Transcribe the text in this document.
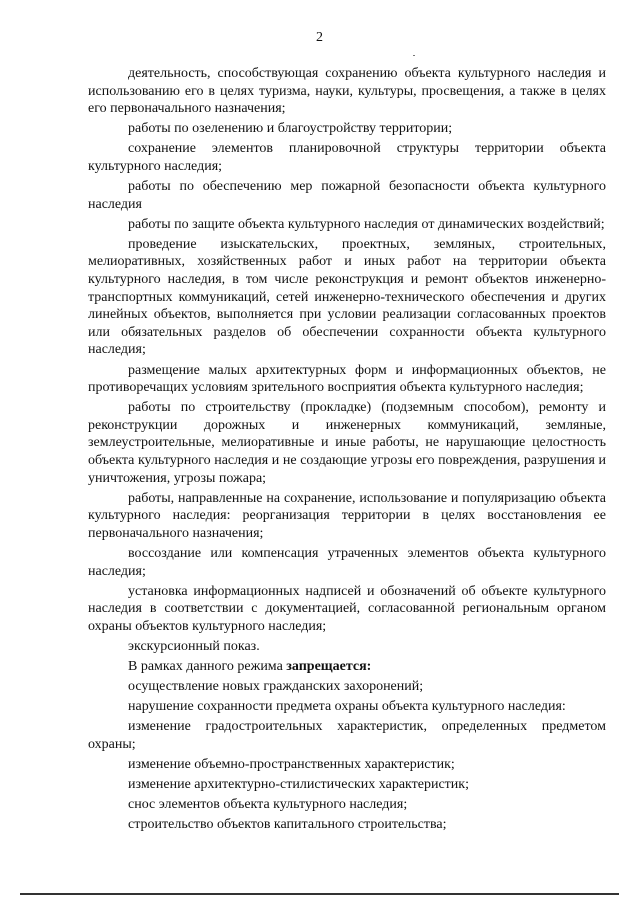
2

деятельность, способствующая сохранению объекта культурного наследия и использованию его в целях туризма, науки, культуры, просвещения, а также в целях его первоначального назначения;

работы по озеленению и благоустройству территории;

сохранение элементов планировочной структуры территории объекта культурного наследия;

работы по обеспечению мер пожарной безопасности объекта культурного наследия

работы по защите объекта культурного наследия от динамических воздействий;

проведение изыскательских, проектных, земляных, строительных, мелиоративных, хозяйственных работ и иных работ на территории объекта культурного наследия, в том числе реконструкция и ремонт объектов инженерно-транспортных коммуникаций, сетей инженерно-технического обеспечения и других линейных объектов, выполняется при условии реализации согласованных проектов или обязательных разделов об обеспечении сохранности объекта культурного наследия;

размещение малых архитектурных форм и информационных объектов, не противоречащих условиям зрительного восприятия объекта культурного наследия;

работы по строительству (прокладке) (подземным способом), ремонту и реконструкции дорожных и инженерных коммуникаций, земляные, землеустроительные, мелиоративные и иные работы, не нарушающие целостность объекта культурного наследия и не создающие угрозы его повреждения, разрушения и уничтожения, угрозы пожара;

работы, направленные на сохранение, использование и популяризацию объекта культурного наследия: реорганизация территории в целях восстановления ее первоначального назначения;

воссоздание или компенсация утраченных элементов объекта культурного наследия;

установка информационных надписей и обозначений об объекте культурного наследия в соответствии с документацией, согласованной региональным органом охраны объектов культурного наследия;

экскурсионный показ.

В рамках данного режима запрещается:

осуществление новых гражданских захоронений;

нарушение сохранности предмета охраны объекта культурного наследия:

изменение градостроительных характеристик, определенных предметом охраны;

изменение объемно-пространственных характеристик;

изменение архитектурно-стилистических характеристик;

снос элементов объекта культурного наследия;

строительство объектов капитального строительства;
